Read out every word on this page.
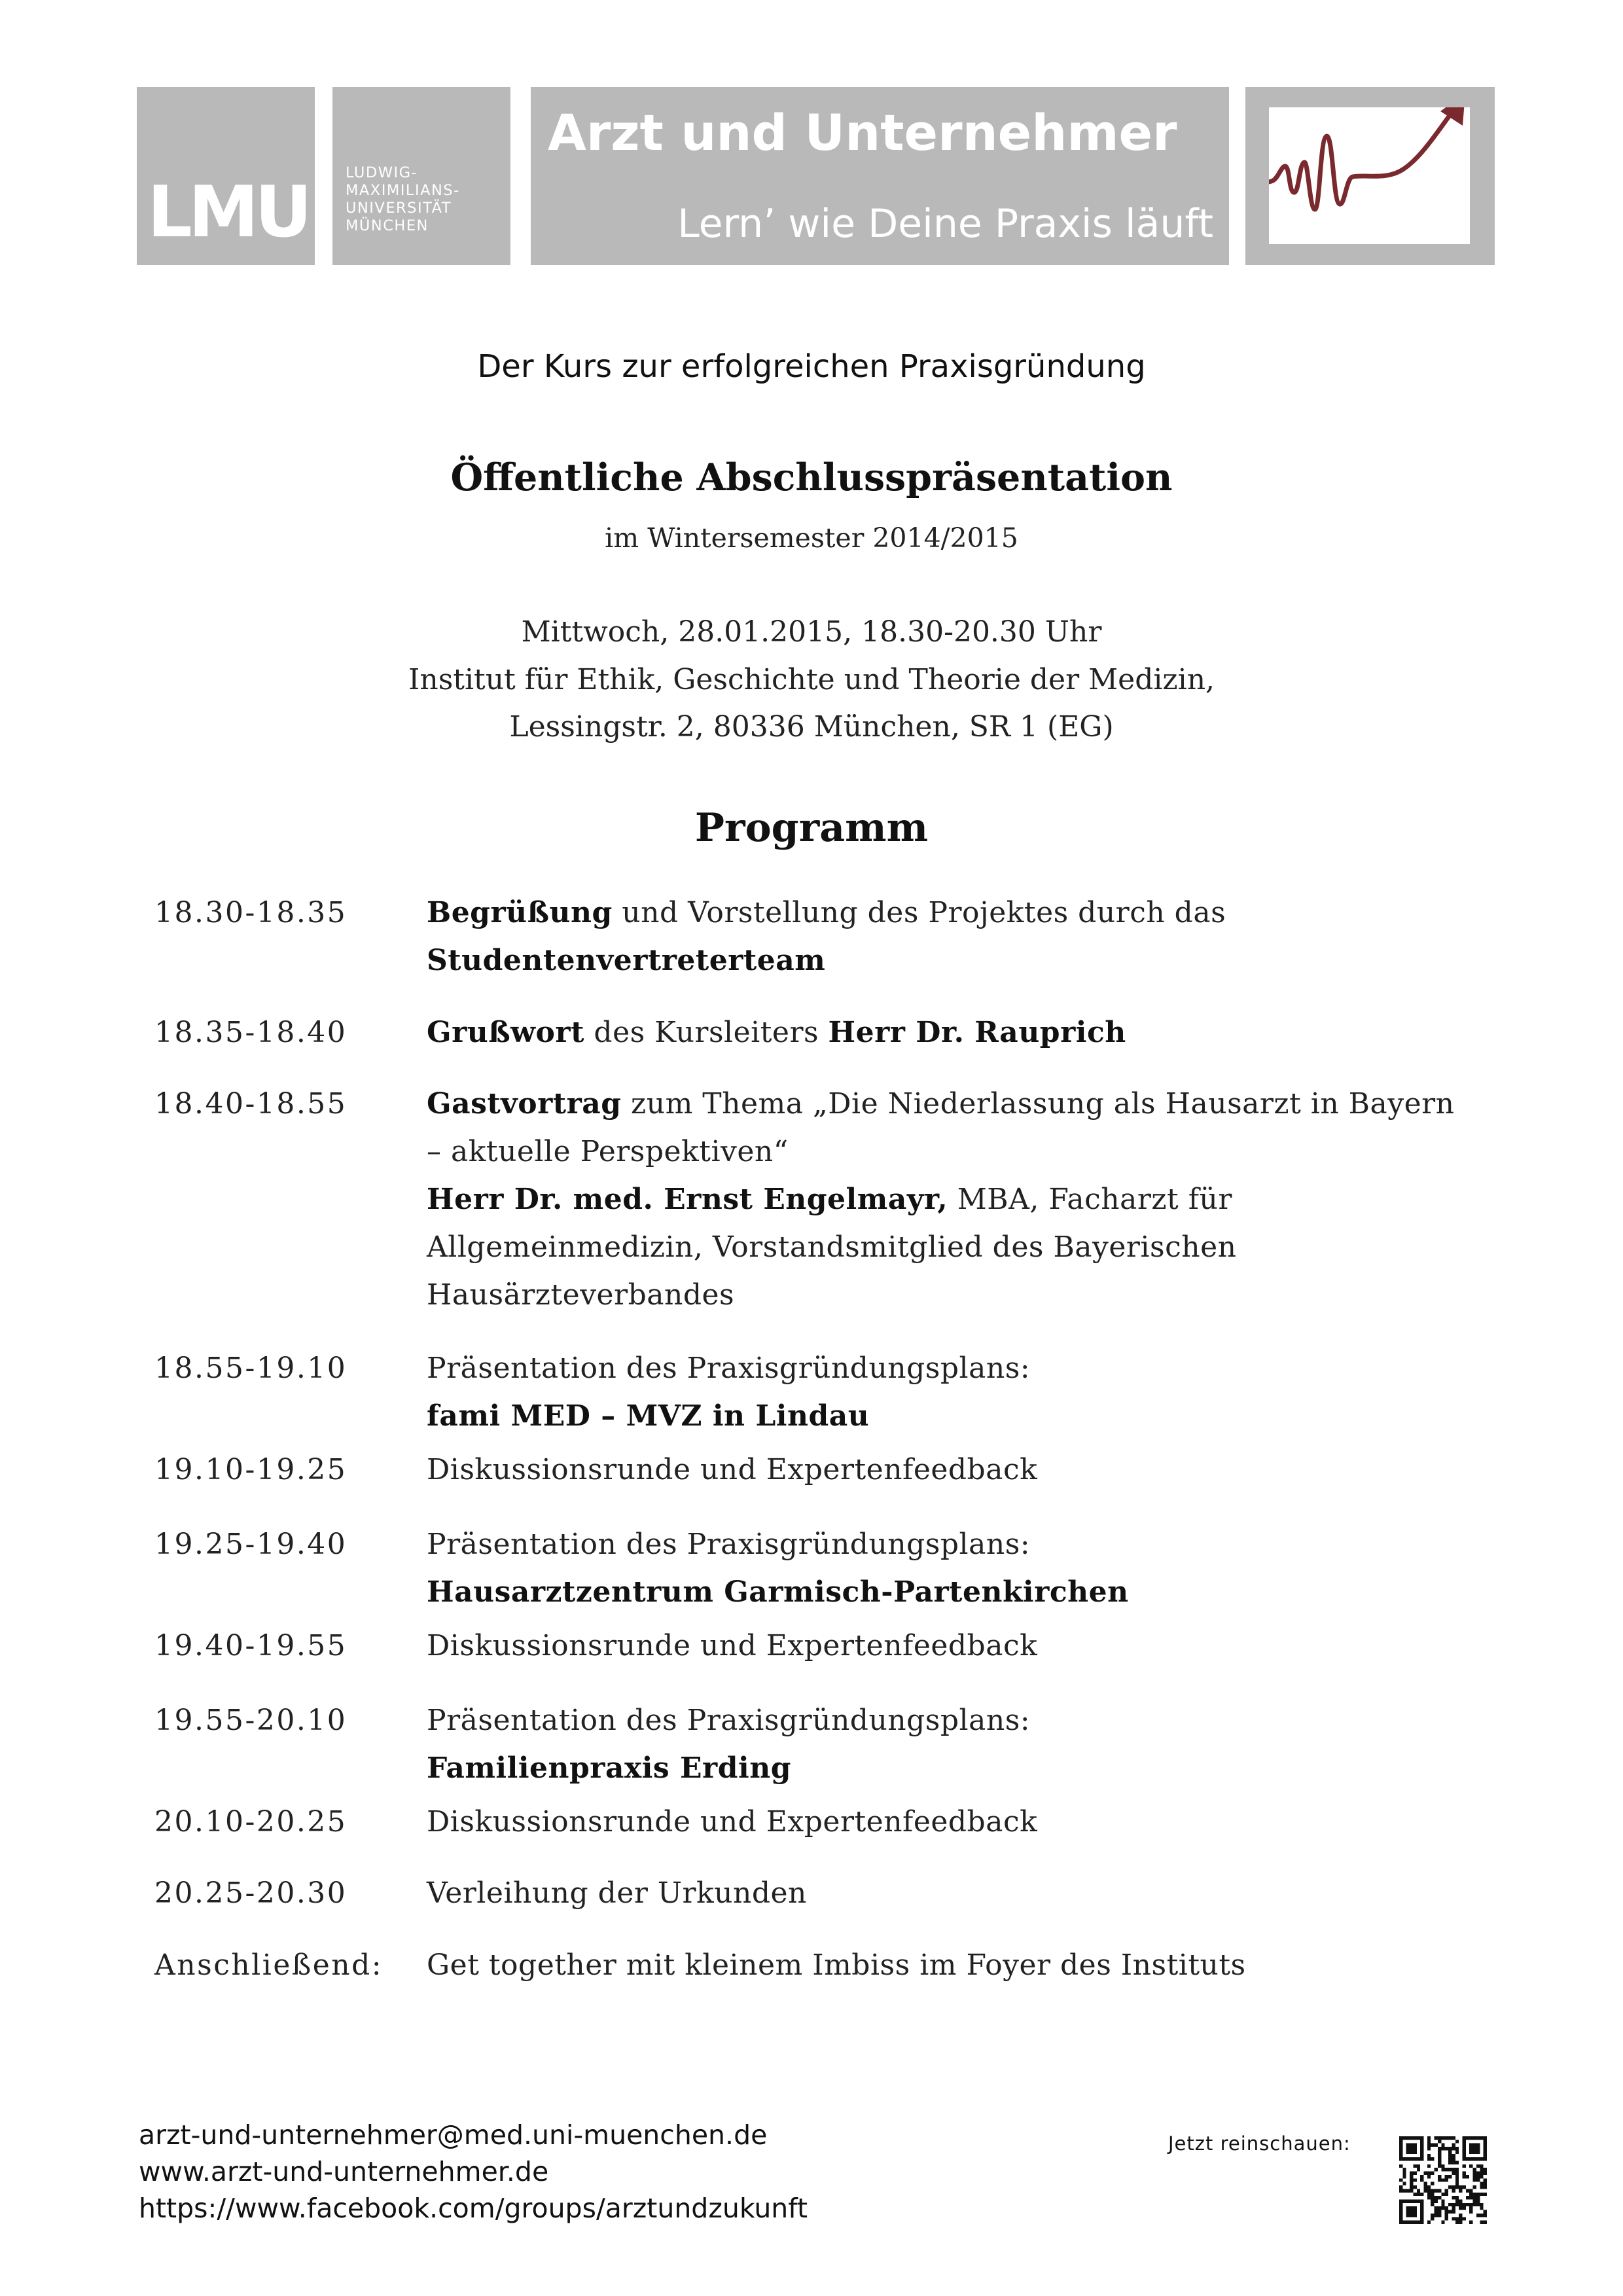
LMU	LUDWIG-
MAXIMILIANS-
UNIVERSITÄT
MÜNCHEN
Arzt und Unternehmer
Lern’ wie Deine Praxis läuft
Der Kurs zur erfolgreichen Praxisgründung
Öffentliche Abschlusspräsentation
im Wintersemester 2014/2015
Mittwoch, 28.01.2015, 18.30-20.30 Uhr
Institut für Ethik, Geschichte und Theorie der Medizin,
Lessingstr. 2, 80336 München, SR 1 (EG)
Programm
18.30-18.35	Begrüßung und Vorstellung des Projektes durch das
Studentenvertreterteam
18.35-18.40	Grußwort des Kursleiters Herr Dr. Rauprich
18.40-18.55	Gastvortrag zum Thema „Die Niederlassung als Hausarzt in Bayern
– aktuelle Perspektiven“
Herr Dr. med. Ernst Engelmayr, MBA, Facharzt für
Allgemeinmedizin, Vorstandsmitglied des Bayerischen
Hausärzteverbandes
18.55-19.10	Präsentation des Praxisgründungsplans:
fami MED – MVZ in Lindau
19.10-19.25	Diskussionsrunde und Expertenfeedback
19.25-19.40	Präsentation des Praxisgründungsplans:
Hausarztzentrum Garmisch-Partenkirchen
19.40-19.55	Diskussionsrunde und Expertenfeedback
19.55-20.10	Präsentation des Praxisgründungsplans:
Familienpraxis Erding
20.10-20.25	Diskussionsrunde und Expertenfeedback
20.25-20.30	Verleihung der Urkunden
Anschließend: Get together mit kleinem Imbiss im Foyer des Instituts
arzt-und-unternehmer@med.uni-muenchen.de
www.arzt-und-unternehmer.de
https://www.facebook.com/groups/arztundzukunft
Jetzt reinschauen:
